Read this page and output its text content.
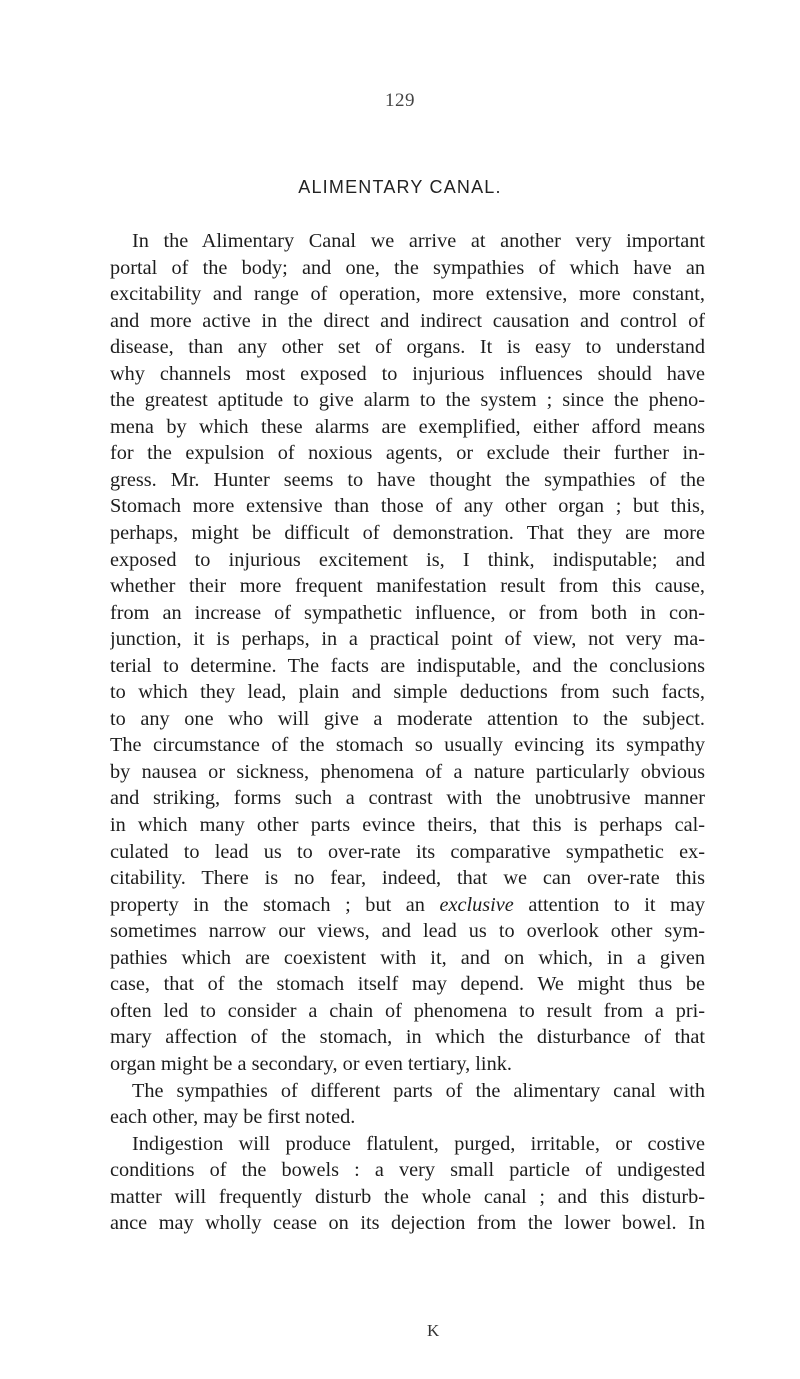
129
ALIMENTARY CANAL.
In the Alimentary Canal we arrive at another very important
portal of the body; and one, the sympathies of which have an
excitability and range of operation, more extensive, more constant,
and more active in the direct and indirect causation and control of
disease, than any other set of organs. It is easy to understand
why channels most exposed to injurious influences should have
the greatest aptitude to give alarm to the system ; since the pheno-
mena by which these alarms are exemplified, either afford means
for the expulsion of noxious agents, or exclude their further in-
gress. Mr. Hunter seems to have thought the sympathies of the
Stomach more extensive than those of any other organ ; but this,
perhaps, might be difficult of demonstration. That they are more
exposed to injurious excitement is, I think, indisputable; and
whether their more frequent manifestation result from this cause,
from an increase of sympathetic influence, or from both in con-
junction, it is perhaps, in a practical point of view, not very ma-
terial to determine. The facts are indisputable, and the conclusions
to which they lead, plain and simple deductions from such facts,
to any one who will give a moderate attention to the subject.
The circumstance of the stomach so usually evincing its sympathy
by nausea or sickness, phenomena of a nature particularly obvious
and striking, forms such a contrast with the unobtrusive manner
in which many other parts evince theirs, that this is perhaps cal-
culated to lead us to over-rate its comparative sympathetic ex-
citability. There is no fear, indeed, that we can over-rate this
property in the stomach ; but an exclusive attention to it may
sometimes narrow our views, and lead us to overlook other sym-
pathies which are coexistent with it, and on which, in a given
case, that of the stomach itself may depend. We might thus be
often led to consider a chain of phenomena to result from a pri-
mary affection of the stomach, in which the disturbance of that
organ might be a secondary, or even tertiary, link.
The sympathies of different parts of the alimentary canal with
each other, may be first noted.
Indigestion will produce flatulent, purged, irritable, or costive
conditions of the bowels : a very small particle of undigested
matter will frequently disturb the whole canal ; and this disturb-
ance may wholly cease on its dejection from the lower bowel. In
K
